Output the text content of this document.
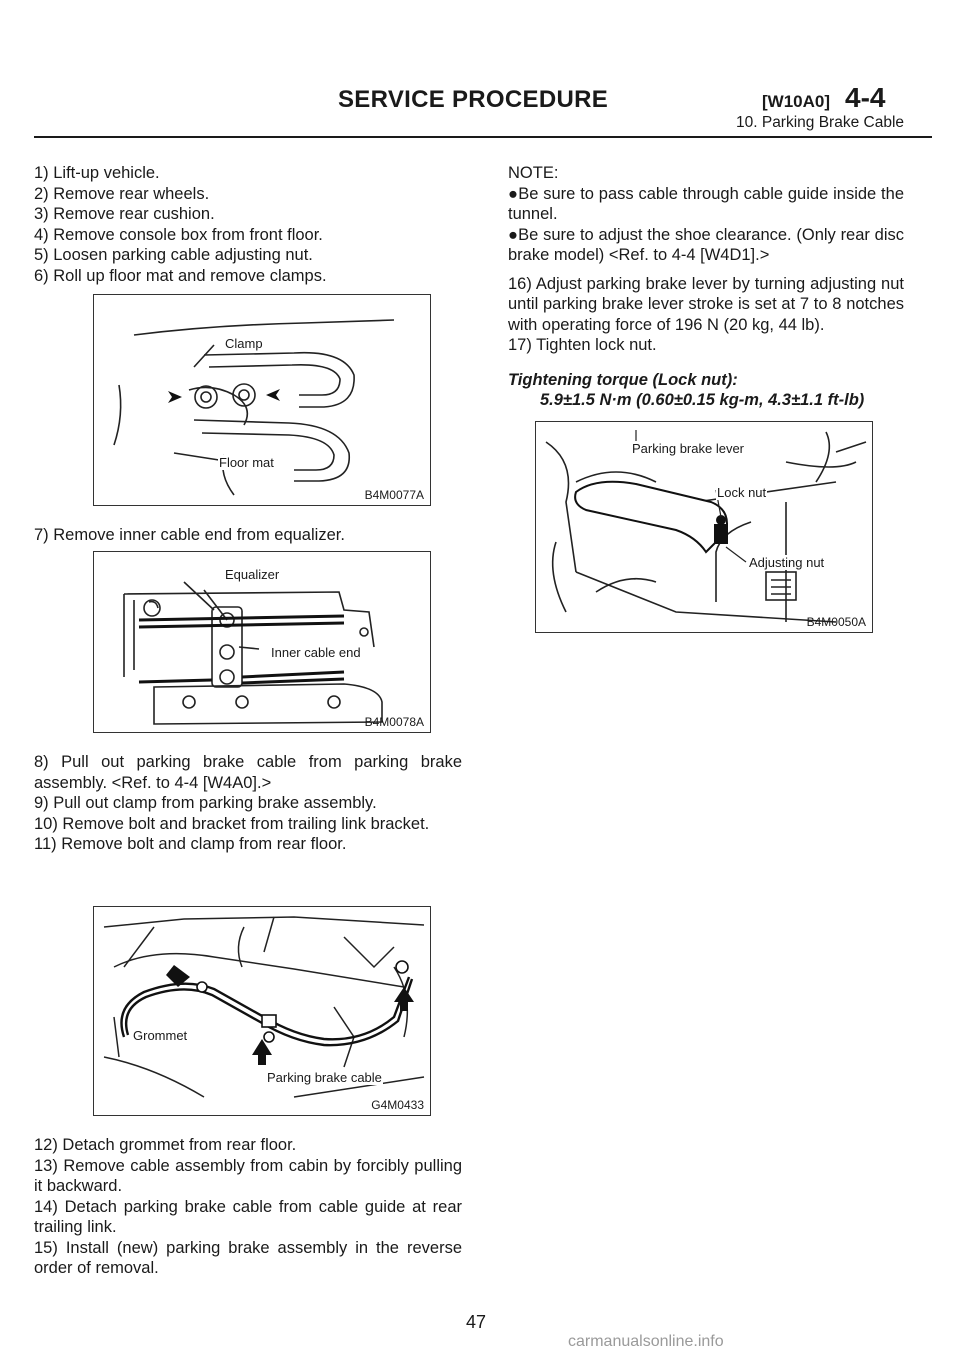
SERVICE PROCEDURE	[W10A0] 4-4
10. Parking Brake Cable

1) Lift-up vehicle.

2) Remove rear wheels.

3) Remove rear cushion.

4) Remove console box from front floor.

5) Loosen parking cable adjusting nut.

6) Roll up floor mat and remove clamps.

Clamp
Floor mat
B4M0077A
7) Remove inner cable end from equalizer.
Equalizer
Inner cable end
B4M0078A

8) Pull out parking brake cable from parking brake assembly. <Ref. to 4-4 [W4A0].>

9) Pull out clamp from parking brake assembly.

10) Remove bolt and bracket from trailing link bracket.

11) Remove bolt and clamp from rear floor.

Grommet
Parking brake cable
G4M0433

12) Detach grommet from rear floor.

13) Remove cable assembly from cabin by forcibly pulling it backward.

14) Detach parking brake cable from cable guide at rear trailing link.

15) Install (new) parking brake assembly in the reverse order of removal.

NOTE:

●Be sure to pass cable through cable guide inside the tunnel.

●Be sure to adjust the shoe clearance. (Only rear disc brake model) <Ref. to 4-4 [W4D1].>

16) Adjust parking brake lever by turning adjusting nut until parking brake lever stroke is set at 7 to 8 notches with operating force of 196 N (20 kg, 44 lb).

17) Tighten lock nut.

Tightening torque (Lock nut):
5.9±1.5 N·m (0.60±0.15 kg-m, 4.3±1.1 ft-lb)
Parking brake lever
Lock nut
Adjusting nut
B4M0050A
47
carmanualsonline.info
